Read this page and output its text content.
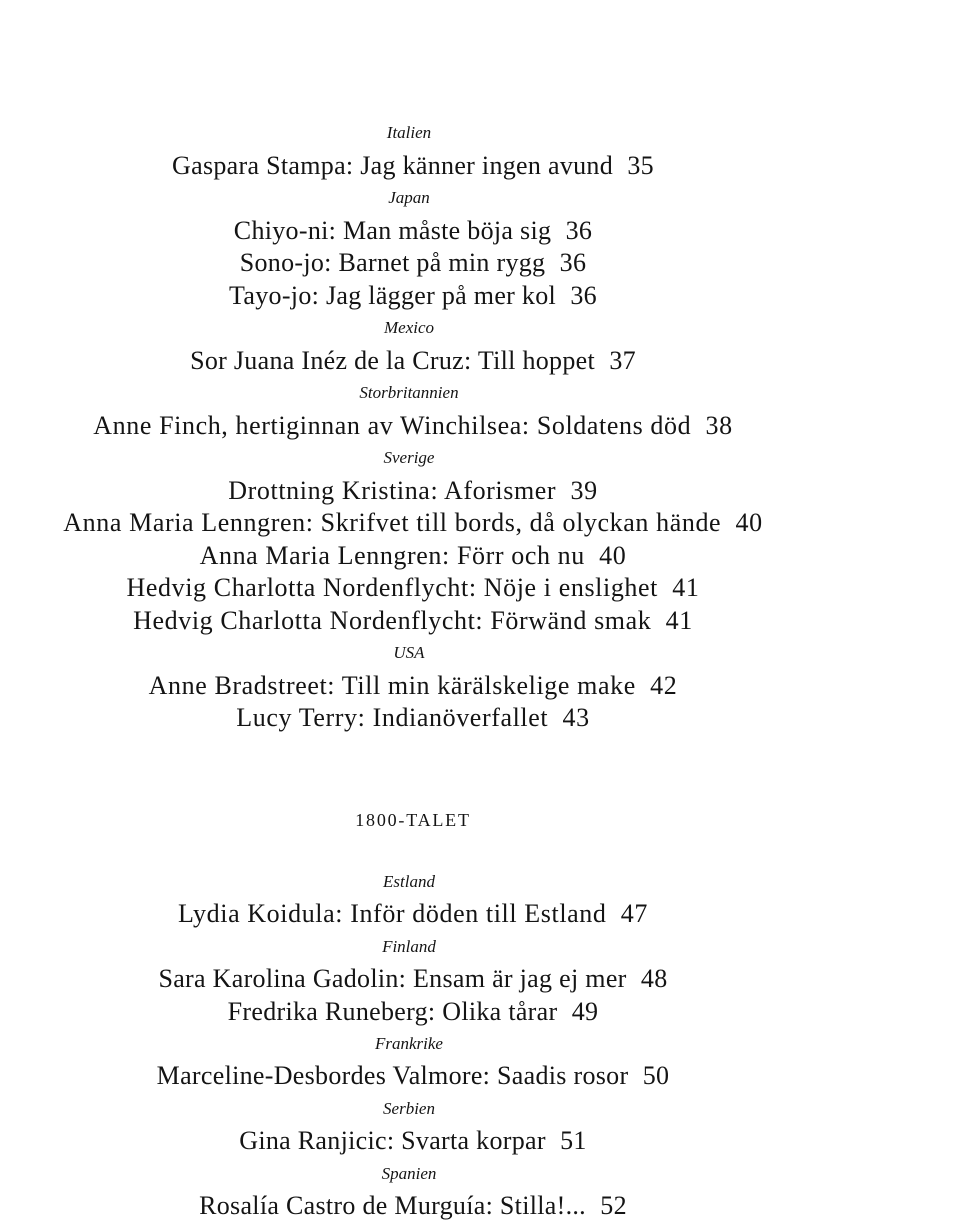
Italien
Gaspara Stampa: Jag känner ingen avund 35
Japan
Chiyo-ni: Man måste böja sig 36
Sono-jo: Barnet på min rygg 36
Tayo-jo: Jag lägger på mer kol 36
Mexico
Sor Juana Inéz de la Cruz: Till hoppet 37
Storbritannien
Anne Finch, hertiginnan av Winchilsea: Soldatens död 38
Sverige
Drottning Kristina: Aforismer 39
Anna Maria Lenngren: Skrifvet till bords, då olyckan hände 40
Anna Maria Lenngren: Förr och nu 40
Hedvig Charlotta Nordenflycht: Nöje i enslighet 41
Hedvig Charlotta Nordenflycht: Förwänd smak 41
USA
Anne Bradstreet: Till min kärälskelige make 42
Lucy Terry: Indianöverfallet 43
1800-TALET
Estland
Lydia Koidula: Inför döden till Estland 47
Finland
Sara Karolina Gadolin: Ensam är jag ej mer 48
Fredrika Runeberg: Olika tårar 49
Frankrike
Marceline-Desbordes Valmore: Saadis rosor 50
Serbien
Gina Ranjicic: Svarta korpar 51
Spanien
Rosalía Castro de Murguía: Stilla!... 52
